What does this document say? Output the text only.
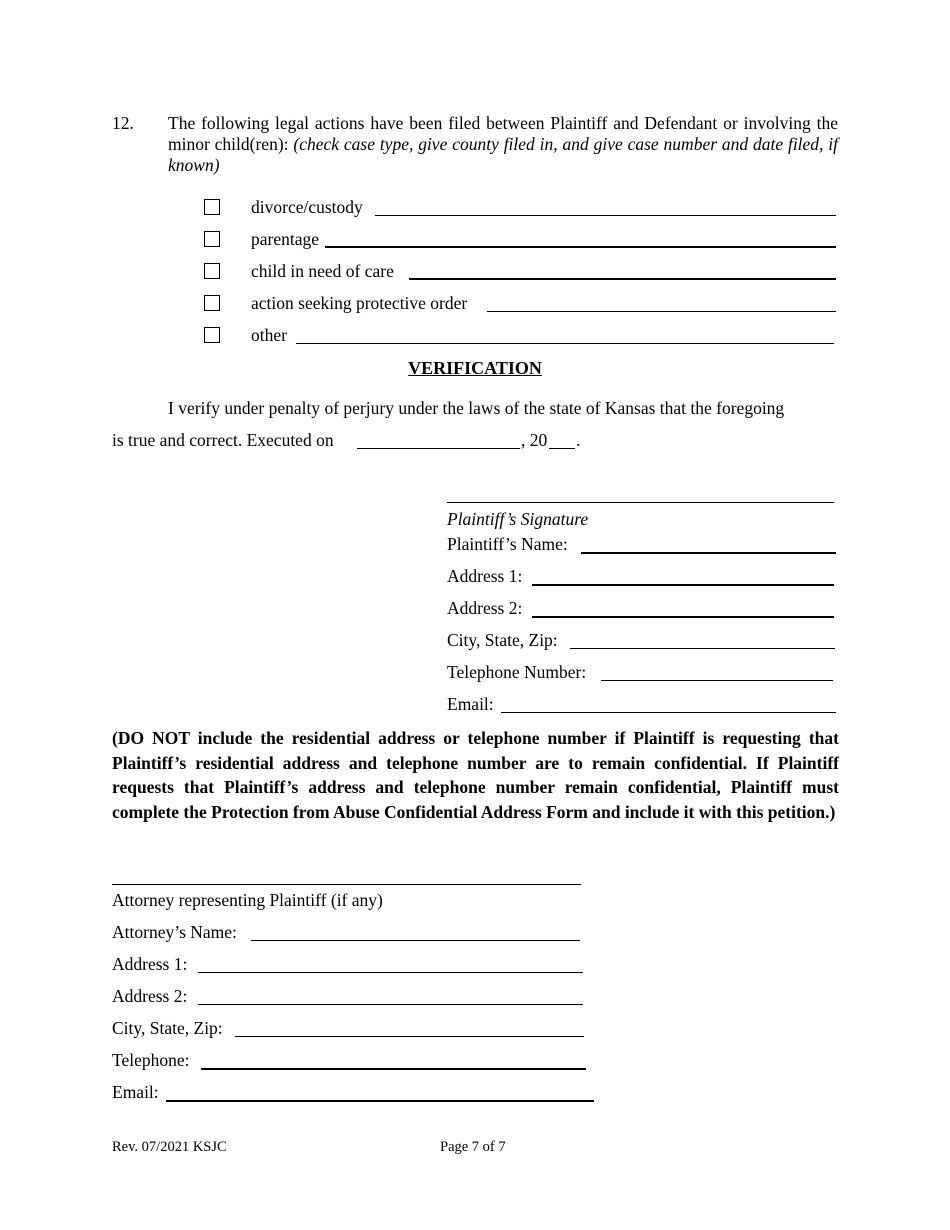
12. The following legal actions have been filed between Plaintiff and Defendant or involving the minor child(ren): (check case type, give county filed in, and give case number and date filed, if known)
divorce/custody
parentage
child in need of care
action seeking protective order
other
VERIFICATION
I verify under penalty of perjury under the laws of the state of Kansas that the foregoing
is true and correct. Executed on	, 20 .
Plaintiff’s Signature
Plaintiff’s Name:
Address 1:
Address 2:
City, State, Zip:
Telephone Number:
Email:
(DO NOT include the residential address or telephone number if Plaintiff is requesting that Plaintiff’s residential address and telephone number are to remain confidential. If Plaintiff requests that Plaintiff’s address and telephone number remain confidential, Plaintiff must complete the Protection from Abuse Confidential Address Form and include it with this petition.)
Attorney representing Plaintiff (if any)
Attorney’s Name:
Address 1:
Address 2:
City, State, Zip:
Telephone:
Email:
Rev. 07/2021 KSJC	Page 7 of 7
